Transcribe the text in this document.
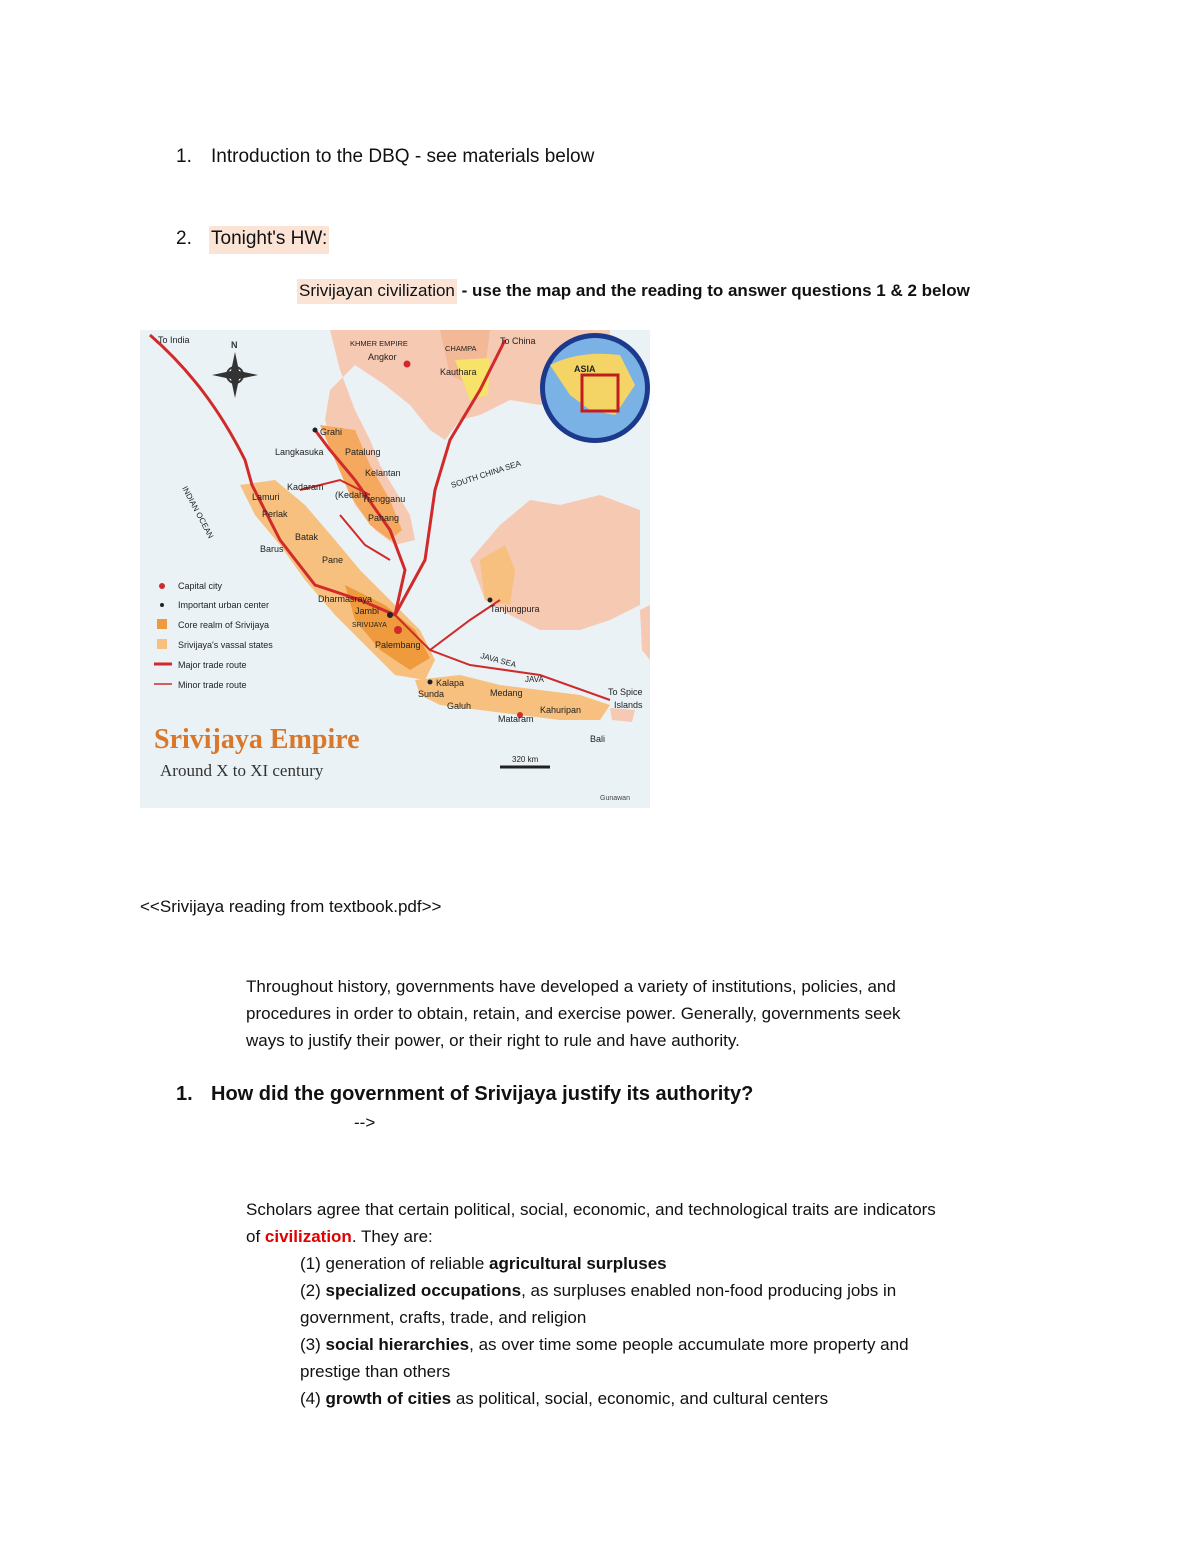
1. Introduction to the DBQ - see materials below
2. Tonight's HW:
Srivijayan civilization - use the map and the reading to answer questions 1 & 2 below
ASIA
N
To India	To China
KHMER EMPIRE
Angkor
CHAMPA
Kauthara
Grahi
Langkasuka Patalung
Kelantan
Kadaram
(Kedah)
Trengganu
Pahang
Lamuri
Perlak
Batak
Barus
Pane
SOUTH CHINA SEA
INDIAN OCEAN
Dharmasraya
Jambi
SRIVIJAYA
Palembang
Tanjungpura
JAVA SEA
Kalapa
Sunda
Galuh
Medang
JAVA
Mataram
Kahuripan
To Spice
Islands
Bali
Capital city
Important urban center
Core realm of Srivijaya
Srivijaya's vassal states
Major trade route
Minor trade route
Srivijaya Empire
Around X to XI century
320 km
Gunawan
<<Srivijaya reading from textbook.pdf>>
Throughout history, governments have developed a variety of institutions, policies, and
procedures in order to obtain, retain, and exercise power. Generally, governments seek
ways to justify their power, or their right to rule and have authority.
1. How did the government of Srivijaya justify its authority?
-->
Scholars agree that certain political, social, economic, and technological traits are indicators
of civilization. They are:
(1) generation of reliable agricultural surpluses
(2) specialized occupations, as surpluses enabled non-food producing jobs in
government, crafts, trade, and religion
(3) social hierarchies, as over time some people accumulate more property and
prestige than others
(4) growth of cities as political, social, economic, and cultural centers
